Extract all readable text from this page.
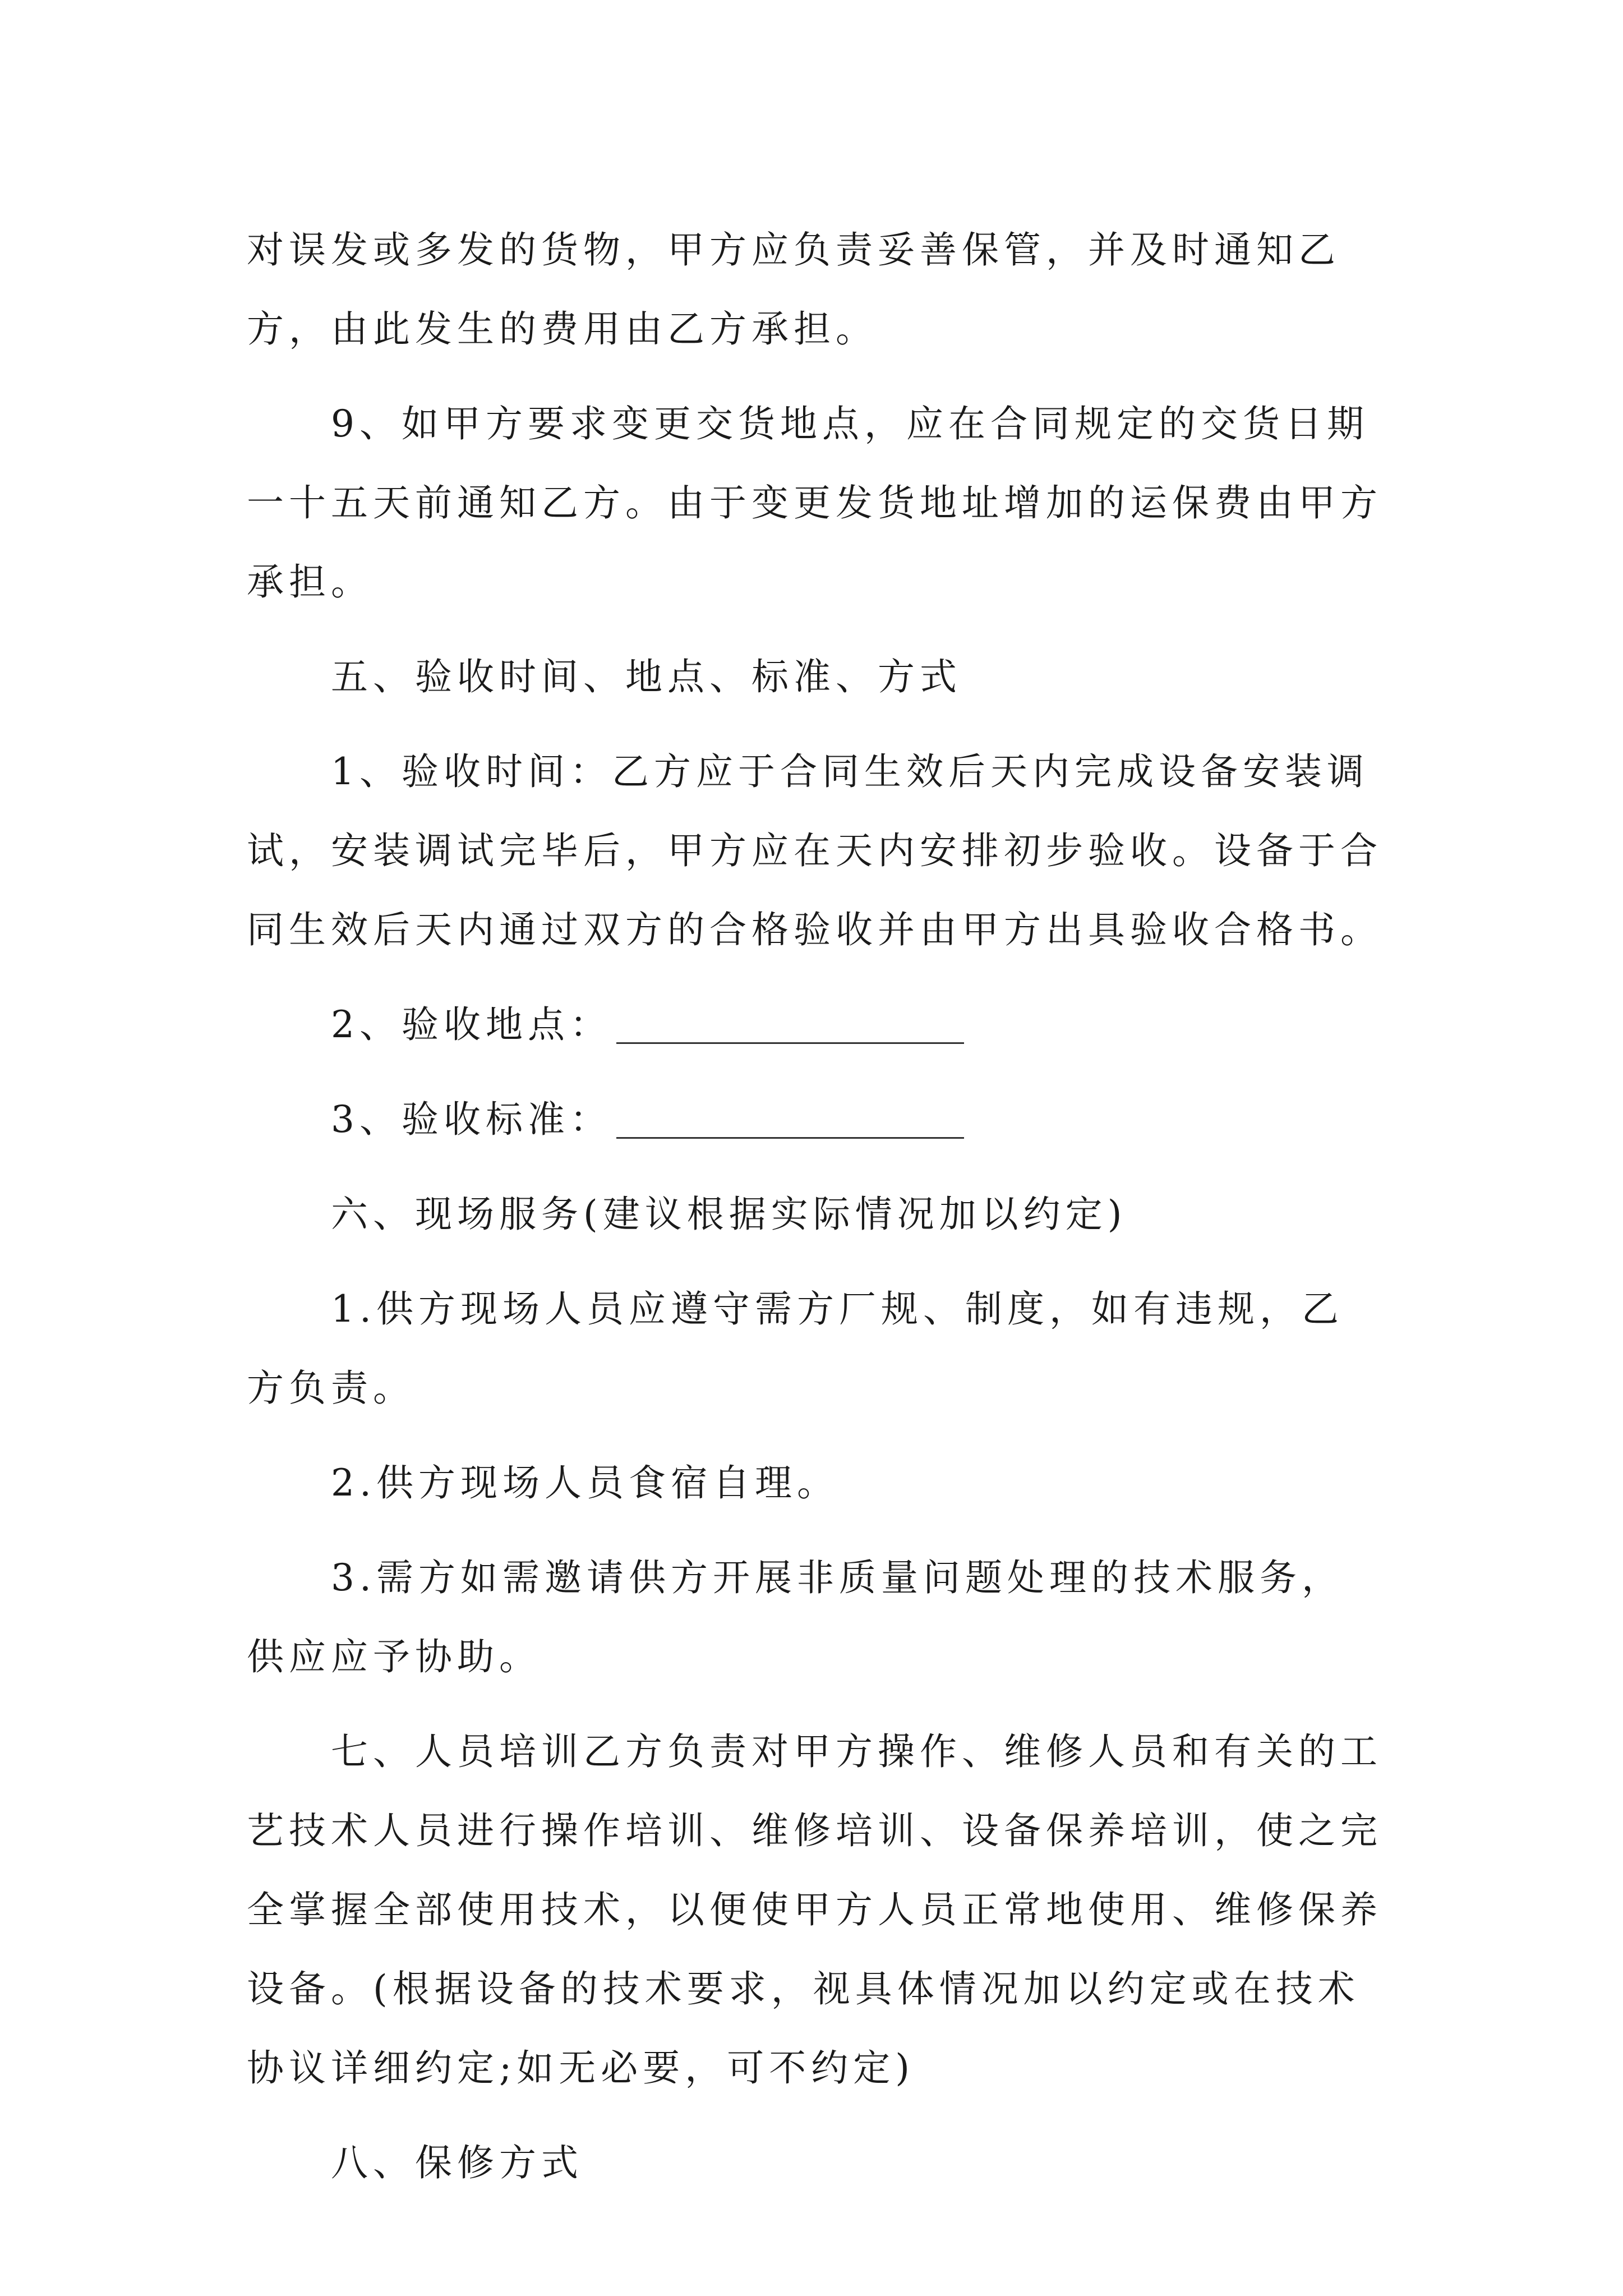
对误发或多发的货物，甲方应负责妥善保管，并及时通知乙方，由此发生的费用由乙方承担。

9、如甲方要求变更交货地点，应在合同规定的交货日期一十五天前通知乙方。由于变更发货地址增加的运保费由甲方承担。

五、验收时间、地点、标准、方式

1、验收时间：乙方应于合同生效后天内完成设备安装调试，安装调试完毕后，甲方应在天内安排初步验收。设备于合同生效后天内通过双方的合格验收并由甲方出具验收合格书。

2、验收地点：

3、验收标准：

六、现场服务(建议根据实际情况加以约定)

1.供方现场人员应遵守需方厂规、制度，如有违规，乙方负责。

2.供方现场人员食宿自理。

3.需方如需邀请供方开展非质量问题处理的技术服务，供应应予协助。

七、人员培训乙方负责对甲方操作、维修人员和有关的工艺技术人员进行操作培训、维修培训、设备保养培训，使之完全掌握全部使用技术，以便使甲方人员正常地使用、维修保养设备。(根据设备的技术要求，视具体情况加以约定或在技术协议详细约定;如无必要，可不约定)

八、保修方式
